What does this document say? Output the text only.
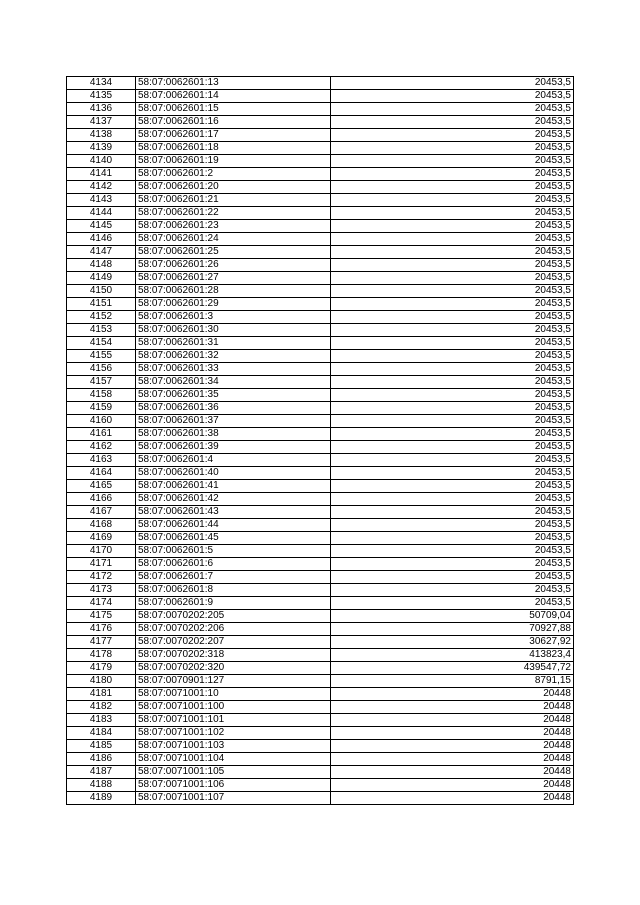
4134	58:07:0062601:13	20453,5
4135	58:07:0062601:14	20453,5
4136	58:07:0062601:15	20453,5
4137	58:07:0062601:16	20453,5
4138	58:07:0062601:17	20453,5
4139	58:07:0062601:18	20453,5
4140	58:07:0062601:19	20453,5
4141	58:07:0062601:2	20453,5
4142	58:07:0062601:20	20453,5
4143	58:07:0062601:21	20453,5
4144	58:07:0062601:22	20453,5
4145	58:07:0062601:23	20453,5
4146	58:07:0062601:24	20453,5
4147	58:07:0062601:25	20453,5
4148	58:07:0062601:26	20453,5
4149	58:07:0062601:27	20453,5
4150	58:07:0062601:28	20453,5
4151	58:07:0062601:29	20453,5
4152	58:07:0062601:3	20453,5
4153	58:07:0062601:30	20453,5
4154	58:07:0062601:31	20453,5
4155	58:07:0062601:32	20453,5
4156	58:07:0062601:33	20453,5
4157	58:07:0062601:34	20453,5
4158	58:07:0062601:35	20453,5
4159	58:07:0062601:36	20453,5
4160	58:07:0062601:37	20453,5
4161	58:07:0062601:38	20453,5
4162	58:07:0062601:39	20453,5
4163	58:07:0062601:4	20453,5
4164	58:07:0062601:40	20453,5
4165	58:07:0062601:41	20453,5
4166	58:07:0062601:42	20453,5
4167	58:07:0062601:43	20453,5
4168	58:07:0062601:44	20453,5
4169	58:07:0062601:45	20453,5
4170	58:07:0062601:5	20453,5
4171	58:07:0062601:6	20453,5
4172	58:07:0062601:7	20453,5
4173	58:07:0062601:8	20453,5
4174	58:07:0062601:9	20453,5
4175	58:07:0070202:205	50709,04
4176	58:07:0070202:206	70927,88
4177	58:07:0070202:207	30627,92
4178	58:07:0070202:318	413823,4
4179	58:07:0070202:320	439547,72
4180	58:07:0070901:127	8791,15
4181	58:07:0071001:10	20448
4182	58:07:0071001:100	20448
4183	58:07:0071001:101	20448
4184	58:07:0071001:102	20448
4185	58:07:0071001:103	20448
4186	58:07:0071001:104	20448
4187	58:07:0071001:105	20448
4188	58:07:0071001:106	20448
4189	58:07:0071001:107	20448
